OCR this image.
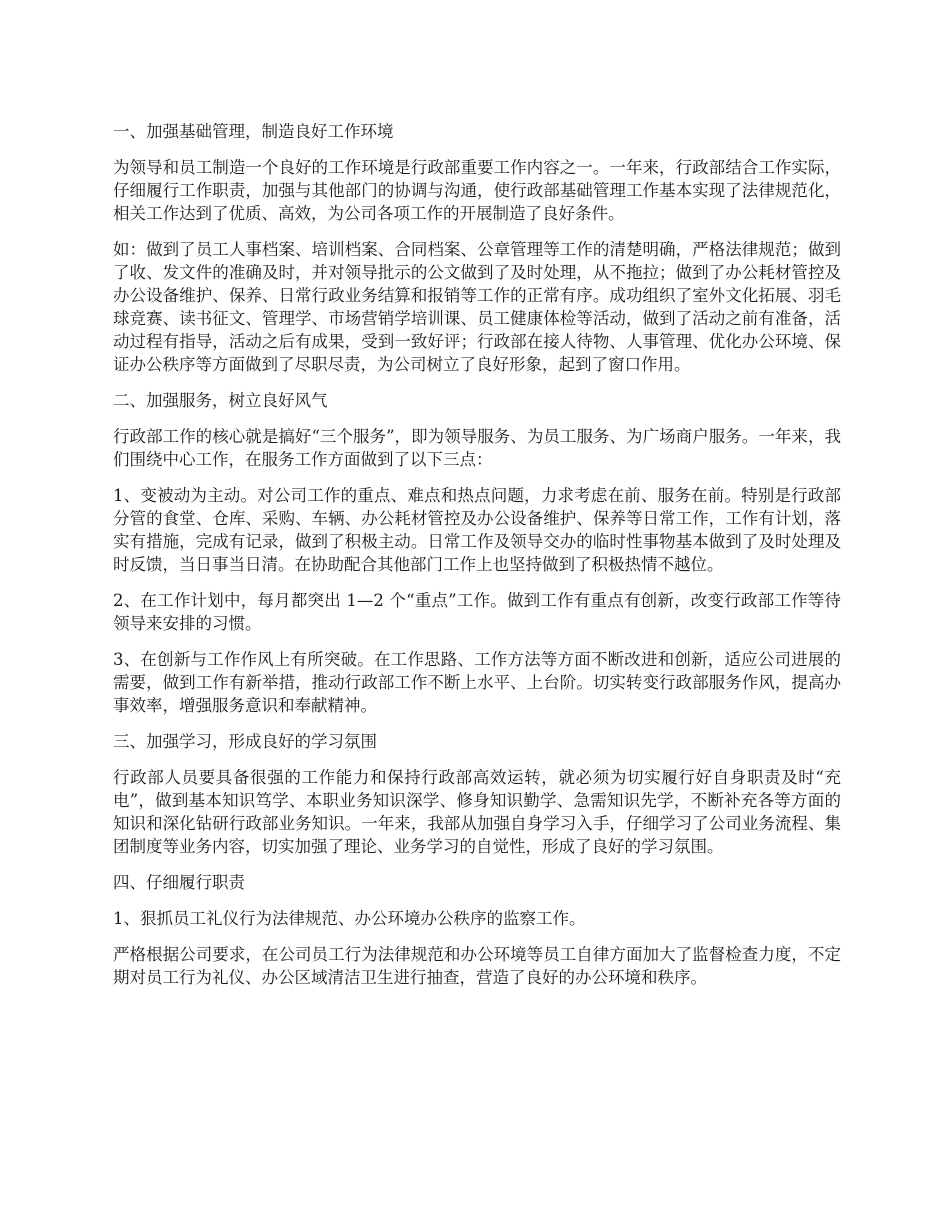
一、加强基础管理，制造良好工作环境

为领导和员工制造一个良好的工作环境是行政部重要工作内容之一。一年来，行政部结合工作实际，仔细履行工作职责，加强与其他部门的协调与沟通，使行政部基础管理工作基本实现了法律规范化，相关工作达到了优质、高效，为公司各项工作的开展制造了良好条件。

如：做到了员工人事档案、培训档案、合同档案、公章管理等工作的清楚明确，严格法律规范；做到了收、发文件的准确及时，并对领导批示的公文做到了及时处理，从不拖拉；做到了办公耗材管控及办公设备维护、保养、日常行政业务结算和报销等工作的正常有序。成功组织了室外文化拓展、羽毛球竞赛、读书征文、管理学、市场营销学培训课、员工健康体检等活动，做到了活动之前有准备，活动过程有指导，活动之后有成果，受到一致好评；行政部在接人待物、人事管理、优化办公环境、保证办公秩序等方面做到了尽职尽责，为公司树立了良好形象，起到了窗口作用。

二、加强服务，树立良好风气

行政部工作的核心就是搞好“三个服务”，即为领导服务、为员工服务、为广场商户服务。一年来，我们围绕中心工作，在服务工作方面做到了以下三点：

1、变被动为主动。对公司工作的重点、难点和热点问题，力求考虑在前、服务在前。特别是行政部分管的食堂、仓库、采购、车辆、办公耗材管控及办公设备维护、保养等日常工作，工作有计划，落实有措施，完成有记录，做到了积极主动。日常工作及领导交办的临时性事物基本做到了及时处理及时反馈，当日事当日清。在协助配合其他部门工作上也坚持做到了积极热情不越位。

2、在工作计划中，每月都突出 1—2 个“重点”工作。做到工作有重点有创新，改变行政部工作等待领导来安排的习惯。

3、在创新与工作作风上有所突破。在工作思路、工作方法等方面不断改进和创新，适应公司进展的需要，做到工作有新举措，推动行政部工作不断上水平、上台阶。切实转变行政部服务作风，提高办事效率，增强服务意识和奉献精神。

三、加强学习，形成良好的学习氛围

行政部人员要具备很强的工作能力和保持行政部高效运转，就必须为切实履行好自身职责及时“充电”，做到基本知识笃学、本职业务知识深学、修身知识勤学、急需知识先学，不断补充各等方面的知识和深化钻研行政部业务知识。一年来，我部从加强自身学习入手，仔细学习了公司业务流程、集团制度等业务内容，切实加强了理论、业务学习的自觉性，形成了良好的学习氛围。

四、仔细履行职责

1、狠抓员工礼仪行为法律规范、办公环境办公秩序的监察工作。

严格根据公司要求，在公司员工行为法律规范和办公环境等员工自律方面加大了监督检查力度，不定期对员工行为礼仪、办公区域清洁卫生进行抽查，营造了良好的办公环境和秩序。
